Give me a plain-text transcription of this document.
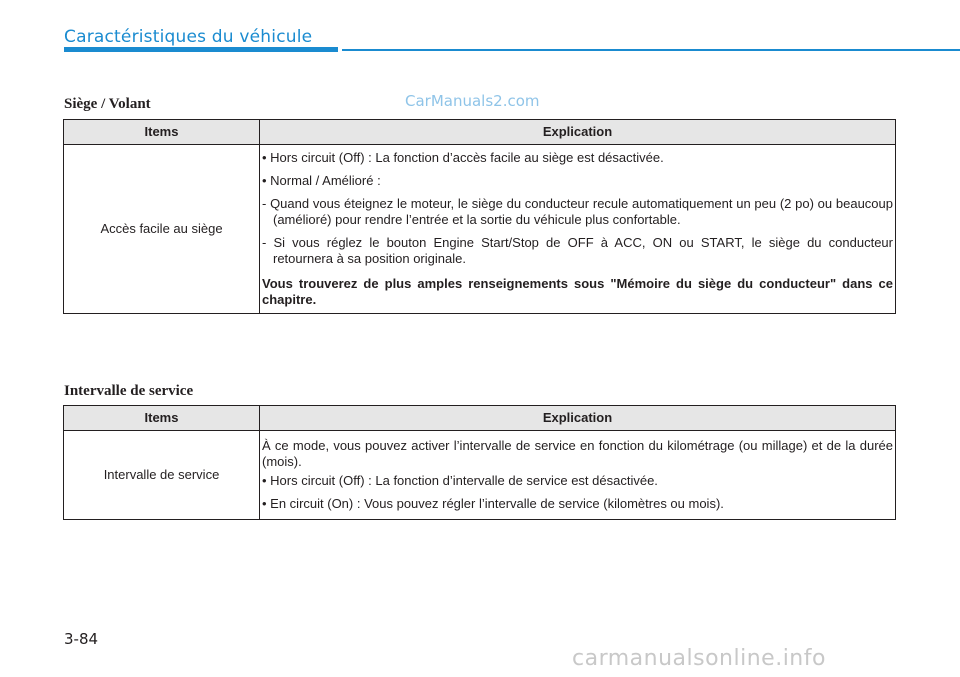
Caractéristiques du véhicule
CarManuals2.com
Siège / Volant
Items	Explication
Accès facile au siège	• Hors circuit (Off) : La fonction d’accès facile au siège est désactivée.
• Normal / Amélioré :
- Quand vous éteignez le moteur, le siège du conducteur recule automatiquement un peu (2 po) ou beaucoup (amélioré) pour rendre l’entrée et la sortie du véhicule plus confortable.
- Si vous réglez le bouton Engine Start/Stop de OFF à ACC, ON ou START, le siège du conducteur retournera à sa position originale.
Vous trouverez de plus amples renseignements sous "Mémoire du siège du conducteur" dans ce chapitre.
Intervalle de service
Items	Explication
Intervalle de service	À ce mode, vous pouvez activer l’intervalle de service en fonction du kilométrage (ou millage) et de la durée (mois).
• Hors circuit (Off) : La fonction d’intervalle de service est désactivée.
• En circuit (On) : Vous pouvez régler l’intervalle de service (kilomètres ou mois).
3-84
carmanualsonline.info
